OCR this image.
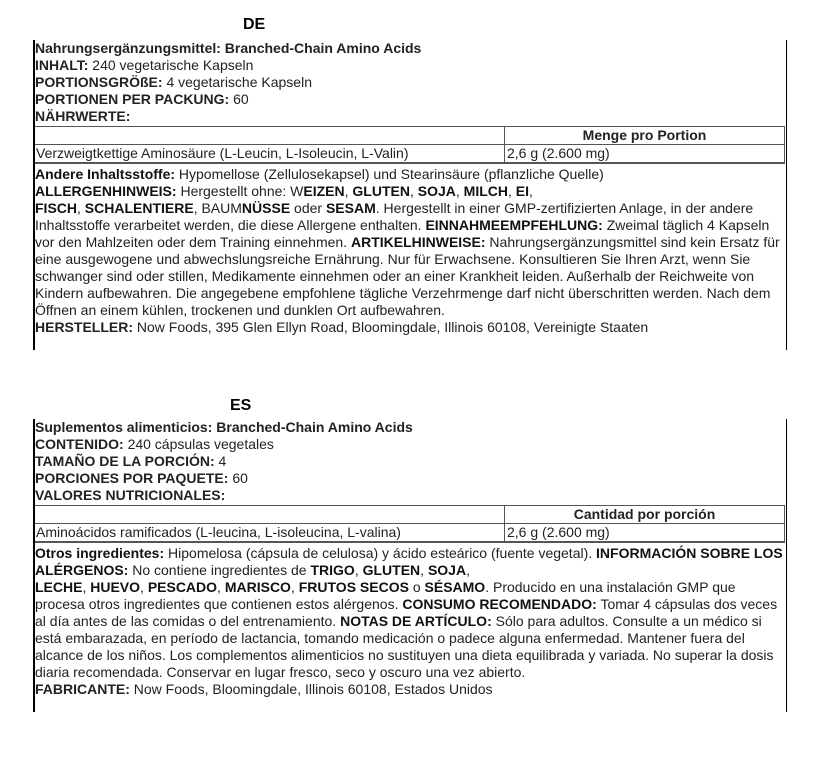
DE
Nahrungsergänzungsmittel: Branched-Chain Amino Acids
INHALT: 240 vegetarische Kapseln
PORTIONSGRÖßE: 4 vegetarische Kapseln
PORTIONEN PER PACKUNG: 60
NÄHRWERTE:
	Menge pro Portion
Verzweigtkettige Aminosäure (L-Leucin, L-Isoleucin, L-Valin)	2,6 g (2.600 mg)
Andere Inhaltsstoffe: Hypomellose (Zellulosekapsel) und Stearinsäure (pflanzliche Quelle)
ALLERGENHINWEIS: Hergestellt ohne: WEIZEN, GLUTEN, SOJA, MILCH, EI,
FISCH, SCHALENTIERE, BAUMNÜSSE oder SESAM. Hergestellt in einer GMP-zertifizierten Anlage, in der andere Inhaltsstoffe verarbeitet werden, die diese Allergene enthalten. EINNAHMEEMPFEHLUNG: Zweimal täglich 4 Kapseln vor den Mahlzeiten oder dem Training einnehmen. ARTIKELHINWEISE: Nahrungsergänzungsmittel sind kein Ersatz für eine ausgewogene und abwechslungsreiche Ernährung. Nur für Erwachsene. Konsultieren Sie Ihren Arzt, wenn Sie schwanger sind oder stillen, Medikamente einnehmen oder an einer Krankheit leiden. Außerhalb der Reichweite von Kindern aufbewahren. Die angegebene empfohlene tägliche Verzehrmenge darf nicht überschritten werden. Nach dem Öffnen an einem kühlen, trockenen und dunklen Ort aufbewahren.
HERSTELLER: Now Foods, 395 Glen Ellyn Road, Bloomingdale, Illinois 60108, Vereinigte Staaten
ES
Suplementos alimenticios: Branched-Chain Amino Acids
CONTENIDO: 240 cápsulas vegetales
TAMAÑO DE LA PORCIÓN: 4
PORCIONES POR PAQUETE: 60
VALORES NUTRICIONALES:
	Cantidad por porción
Aminoácidos ramificados (L-leucina, L-isoleucina, L-valina)	2,6 g (2.600 mg)
Otros ingredientes: Hipomelosa (cápsula de celulosa) y ácido esteárico (fuente vegetal). INFORMACIÓN SOBRE LOS ALÉRGENOS: No contiene ingredientes de TRIGO, GLUTEN, SOJA,
LECHE, HUEVO, PESCADO, MARISCO, FRUTOS SECOS o SÉSAMO. Producido en una instalación GMP que procesa otros ingredientes que contienen estos alérgenos. CONSUMO RECOMENDADO: Tomar 4 cápsulas dos veces al día antes de las comidas o del entrenamiento. NOTAS DE ARTÍCULO: Sólo para adultos. Consulte a un médico si está embarazada, en período de lactancia, tomando medicación o padece alguna enfermedad. Mantener fuera del alcance de los niños. Los complementos alimenticios no sustituyen una dieta equilibrada y variada. No superar la dosis diaria recomendada. Conservar en lugar fresco, seco y oscuro una vez abierto.
FABRICANTE: Now Foods, Bloomingdale, Illinois 60108, Estados Unidos
